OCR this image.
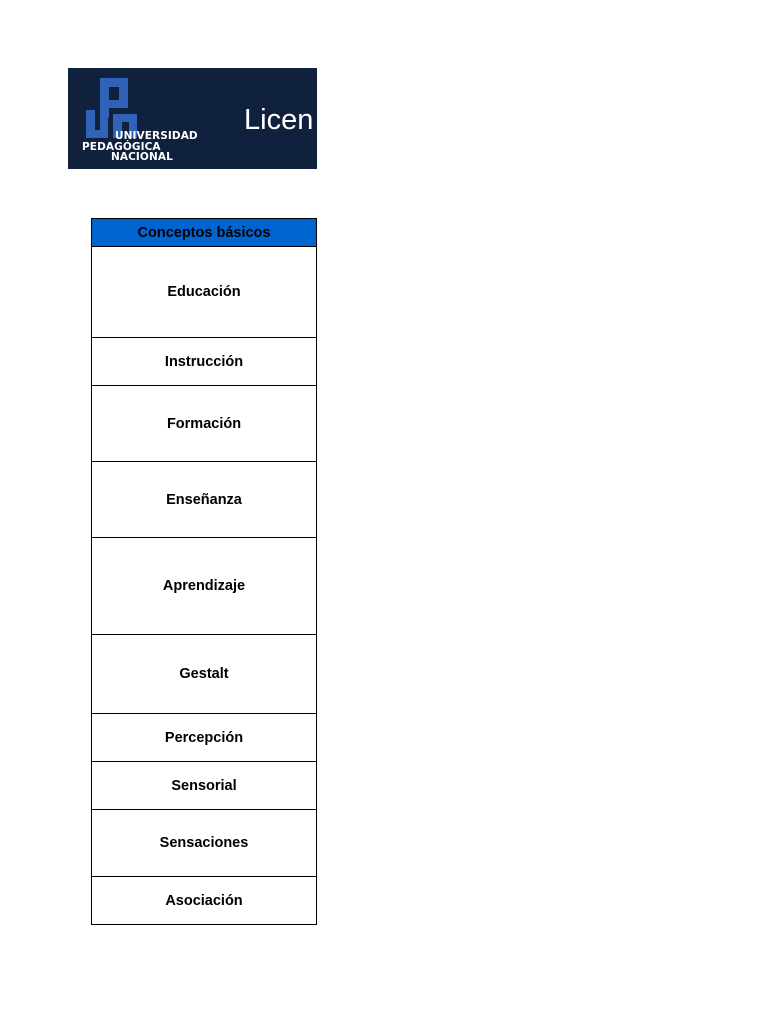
UNIVERSIDAD
PEDAGÓGICA
NACIONAL
Licen
Conceptos básicos
Educación
Instrucción
Formación
Enseñanza
Aprendizaje
Gestalt
Percepción
Sensorial
Sensaciones
Asociación
